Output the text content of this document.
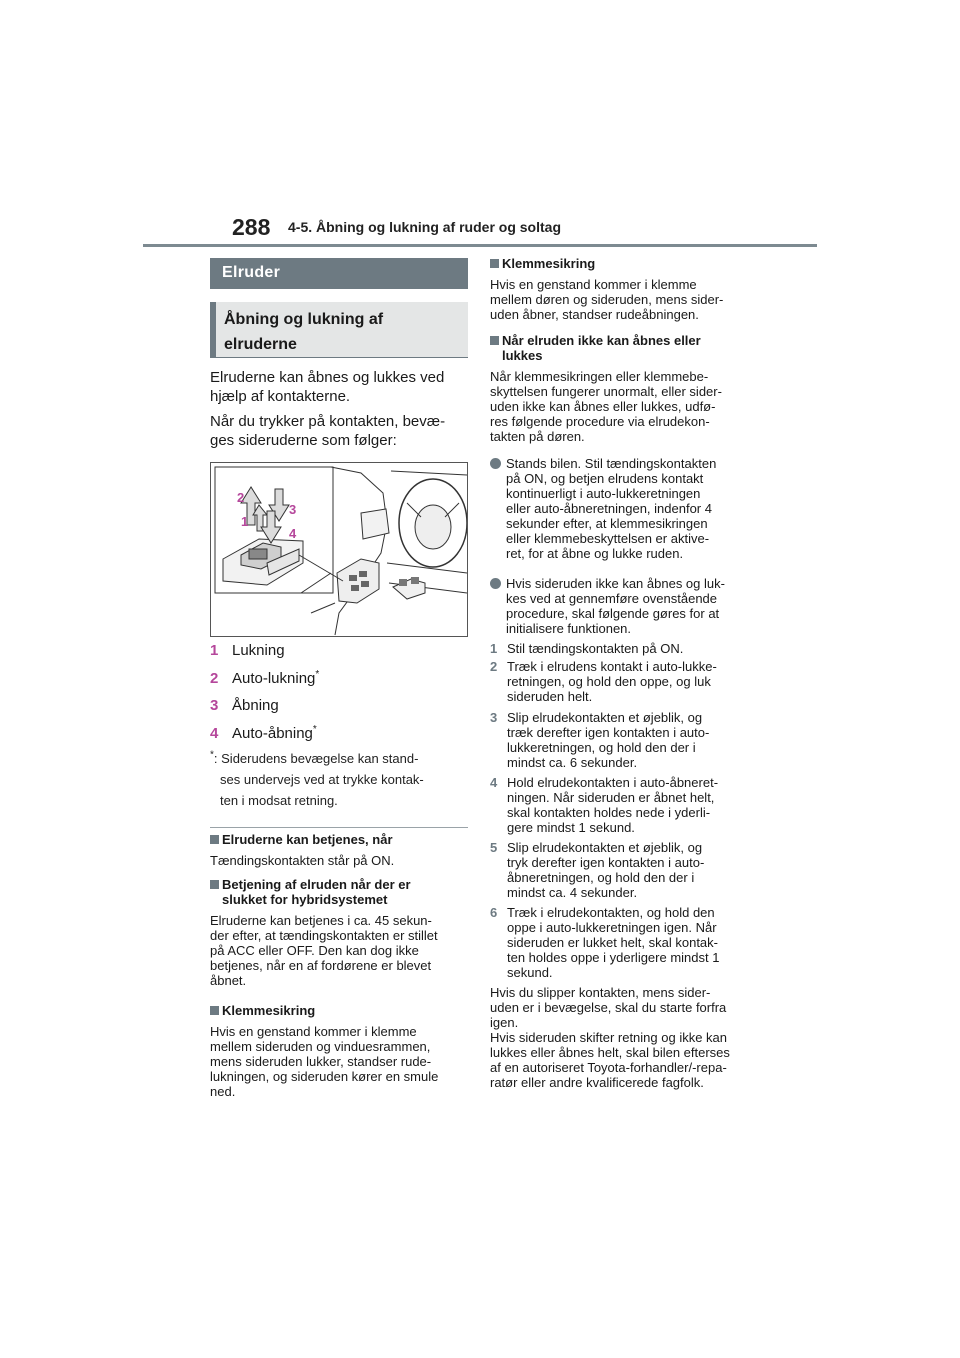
288 4-5. Åbning og lukning af ruder og soltag
Elruder
Åbning og lukning af
elruderne
Elruderne kan åbnes og lukkes ved
hjælp af kontakterne.
Når du trykker på kontakten, bevæ-
ges sideruderne som følger:
2
3
1
4
1 Lukning
2 Auto-lukning*
3 Åbning
4 Auto-åbning*
*: Siderudens bevægelse kan stand-
ses undervejs ved at trykke kontak-
ten i modsat retning.
Elruderne kan betjenes, når
Tændingskontakten står på ON.
Betjening af elruden når der er
slukket for hybridsystemet
Elruderne kan betjenes i ca. 45 sekun-
der efter, at tændingskontakten er stillet
på ACC eller OFF. Den kan dog ikke
betjenes, når en af fordørene er blevet
åbnet.
Klemmesikring
Hvis en genstand kommer i klemme
mellem sideruden og vinduesrammen,
mens sideruden lukker, standser rude-
lukningen, og sideruden kører en smule
ned.
Klemmesikring
Hvis en genstand kommer i klemme
mellem døren og sideruden, mens sider-
uden åbner, standser rudeåbningen.
Når elruden ikke kan åbnes eller
lukkes
Når klemmesikringen eller klemmebe-
skyttelsen fungerer unormalt, eller sider-
uden ikke kan åbnes eller lukkes, udfø-
res følgende procedure via elrudekon-
takten på døren.
Stands bilen. Stil tændingskontakten
på ON, og betjen elrudens kontakt
kontinuerligt i auto-lukkeretningen
eller auto-åbneretningen, indenfor 4
sekunder efter, at klemmesikringen
eller klemmebeskyttelsen er aktive-
ret, for at åbne og lukke ruden.
Hvis sideruden ikke kan åbnes og luk-
kes ved at gennemføre ovenstående
procedure, skal følgende gøres for at
initialisere funktionen.
1 Stil tændingskontakten på ON.
2 Træk i elrudens kontakt i auto-lukke-
retningen, og hold den oppe, og luk
sideruden helt.
3 Slip elrudekontakten et øjeblik, og
træk derefter igen kontakten i auto-
lukkeretningen, og hold den der i
mindst ca. 6 sekunder.
4 Hold elrudekontakten i auto-åbneret-
ningen. Når sideruden er åbnet helt,
skal kontakten holdes nede i yderli-
gere mindst 1 sekund.
5 Slip elrudekontakten et øjeblik, og
tryk derefter igen kontakten i auto-
åbneretningen, og hold den der i
mindst ca. 4 sekunder.
6 Træk i elrudekontakten, og hold den
oppe i auto-lukkeretningen igen. Når
sideruden er lukket helt, skal kontak-
ten holdes oppe i yderligere mindst 1
sekund.
Hvis du slipper kontakten, mens sider-
uden er i bevægelse, skal du starte forfra
igen.
Hvis sideruden skifter retning og ikke kan
lukkes eller åbnes helt, skal bilen efterses
af en autoriseret Toyota-forhandler/-repa-
ratør eller andre kvalificerede fagfolk.
